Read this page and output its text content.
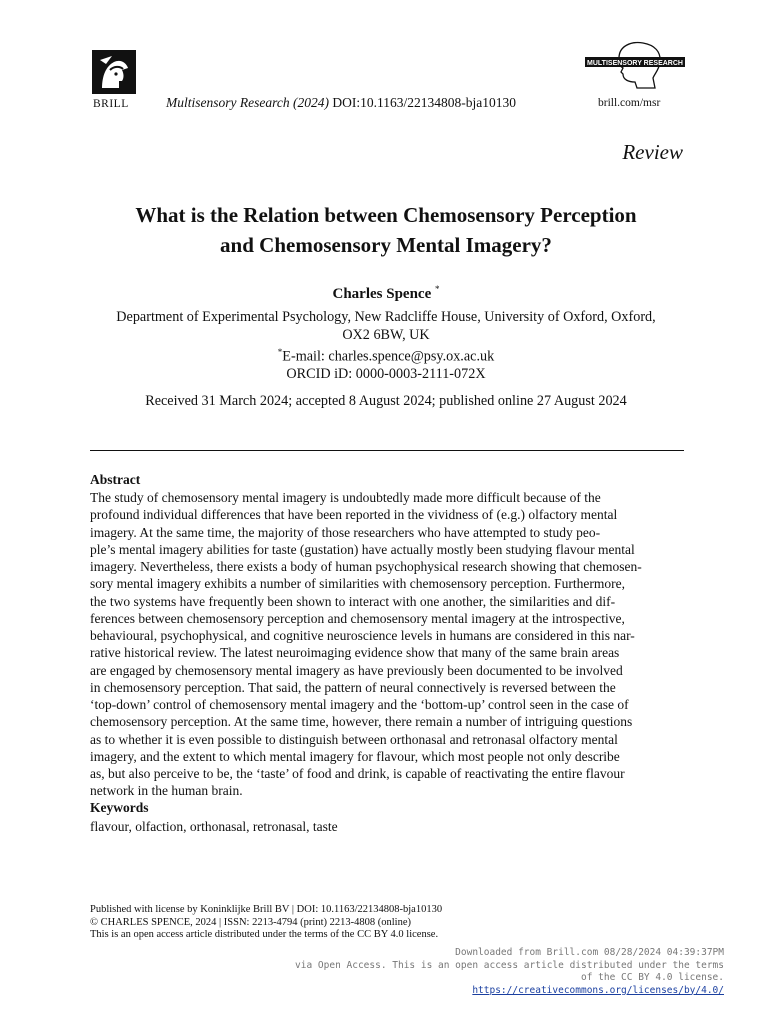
BRILL	Multisensory Research (2024) DOI:10.1163/22134808-bja10130
MULTISENSORY RESEARCH
brill.com/msr
Review
What is the Relation between Chemosensory Perception
and Chemosensory Mental Imagery?
Charles Spence *
Department of Experimental Psychology, New Radcliffe House, University of Oxford, Oxford,
OX2 6BW, UK
*E-mail: charles.spence@psy.ox.ac.uk
ORCID iD: 0000-0003-2111-072X
Received 31 March 2024; accepted 8 August 2024; published online 27 August 2024
Abstract
The study of chemosensory mental imagery is undoubtedly made more difficult because of the
profound individual differences that have been reported in the vividness of (e.g.) olfactory mental
imagery. At the same time, the majority of those researchers who have attempted to study peo-
ple’s mental imagery abilities for taste (gustation) have actually mostly been studying flavour mental
imagery. Nevertheless, there exists a body of human psychophysical research showing that chemosen-
sory mental imagery exhibits a number of similarities with chemosensory perception. Furthermore,
the two systems have frequently been shown to interact with one another, the similarities and dif-
ferences between chemosensory perception and chemosensory mental imagery at the introspective,
behavioural, psychophysical, and cognitive neuroscience levels in humans are considered in this nar-
rative historical review. The latest neuroimaging evidence show that many of the same brain areas
are engaged by chemosensory mental imagery as have previously been documented to be involved
in chemosensory perception. That said, the pattern of neural connectively is reversed between the
‘top-down’ control of chemosensory mental imagery and the ‘bottom-up’ control seen in the case of
chemosensory perception. At the same time, however, there remain a number of intriguing questions
as to whether it is even possible to distinguish between orthonasal and retronasal olfactory mental
imagery, and the extent to which mental imagery for flavour, which most people not only describe
as, but also perceive to be, the ‘taste’ of food and drink, is capable of reactivating the entire flavour
network in the human brain.
Keywords
flavour, olfaction, orthonasal, retronasal, taste
Published with license by Koninklijke Brill BV | DOI: 10.1163/22134808-bja10130
© CHARLES SPENCE, 2024 | ISSN: 2213-4794 (print) 2213-4808 (online)
This is an open access article distributed under the terms of the CC BY 4.0 license.
Downloaded from Brill.com 08/28/2024 04:39:37PM
via Open Access. This is an open access article distributed under the terms
of the CC BY 4.0 license.
https://creativecommons.org/licenses/by/4.0/
